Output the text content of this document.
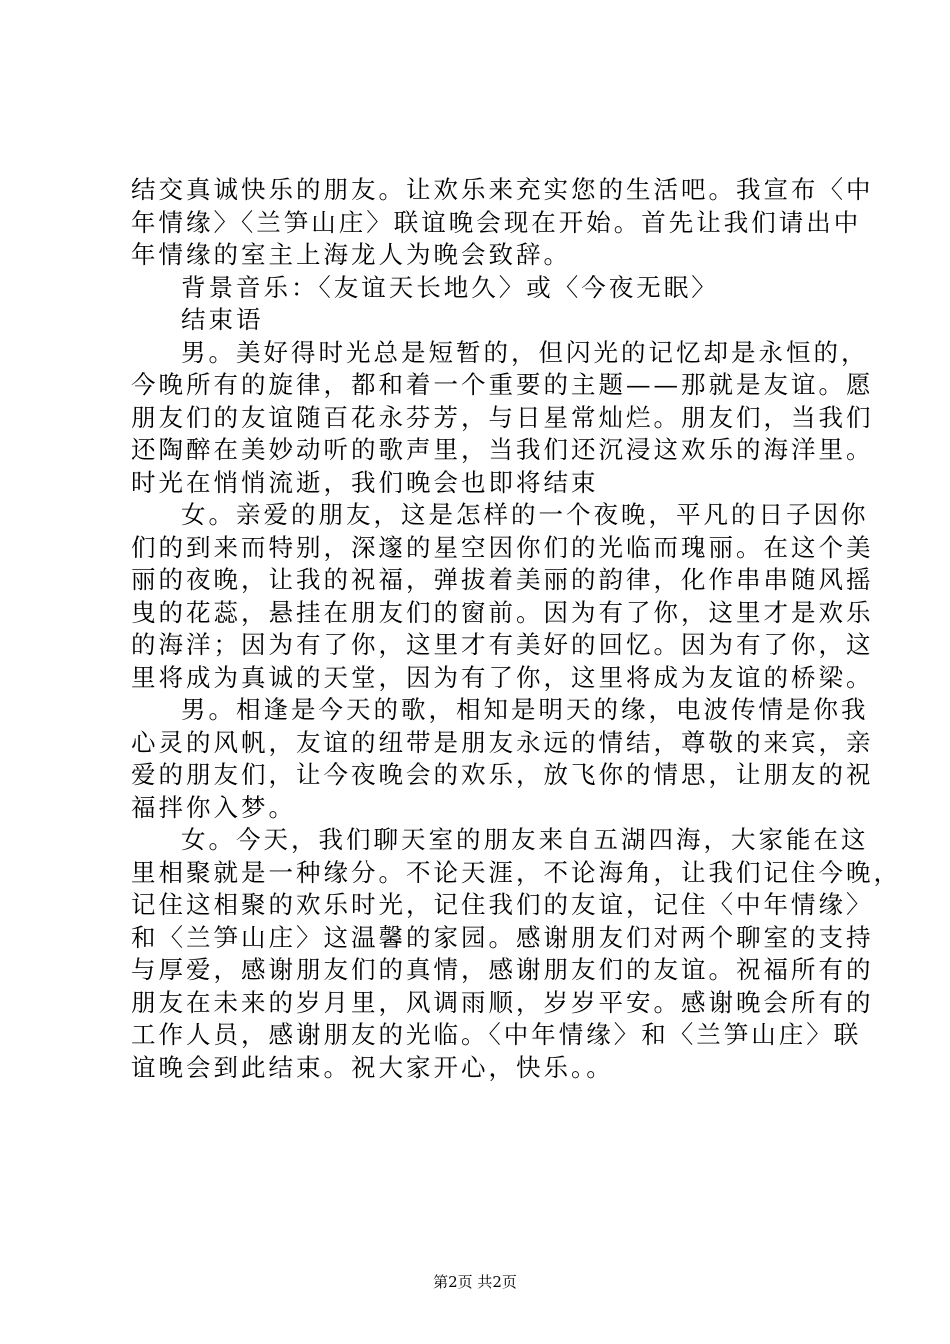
结交真诚快乐的朋友。让欢乐来充实您的生活吧。我宣布〈中
年情缘〉〈兰笋山庄〉联谊晚会现在开始。首先让我们请出中
年情缘的室主上海龙人为晚会致辞。
背景音乐：〈友谊天长地久〉或〈今夜无眠〉
结束语
男。美好得时光总是短暂的，但闪光的记忆却是永恒的，
今晚所有的旋律，都和着一个重要的主题——那就是友谊。愿
朋友们的友谊随百花永芬芳，与日星常灿烂。朋友们，当我们
还陶醉在美妙动听的歌声里，当我们还沉浸这欢乐的海洋里。
时光在悄悄流逝，我们晚会也即将结束
女。亲爱的朋友，这是怎样的一个夜晚，平凡的日子因你
们的到来而特别，深邃的星空因你们的光临而瑰丽。在这个美
丽的夜晚，让我的祝福，弹拔着美丽的韵律，化作串串随风摇
曳的花蕊，悬挂在朋友们的窗前。因为有了你，这里才是欢乐
的海洋；因为有了你，这里才有美好的回忆。因为有了你，这
里将成为真诚的天堂，因为有了你，这里将成为友谊的桥梁。
男。相逢是今天的歌，相知是明天的缘，电波传情是你我
心灵的风帆，友谊的纽带是朋友永远的情结，尊敬的来宾，亲
爱的朋友们，让今夜晚会的欢乐，放飞你的情思，让朋友的祝
福拌你入梦。
女。今天，我们聊天室的朋友来自五湖四海，大家能在这
里相聚就是一种缘分。不论天涯，不论海角，让我们记住今晚，
记住这相聚的欢乐时光，记住我们的友谊，记住〈中年情缘〉
和〈兰笋山庄〉这温馨的家园。感谢朋友们对两个聊室的支持
与厚爱，感谢朋友们的真情，感谢朋友们的友谊。祝福所有的
朋友在未来的岁月里，风调雨顺，岁岁平安。感谢晚会所有的
工作人员，感谢朋友的光临。〈中年情缘〉和〈兰笋山庄〉联
谊晚会到此结束。祝大家开心，快乐。。
第2页 共2页
